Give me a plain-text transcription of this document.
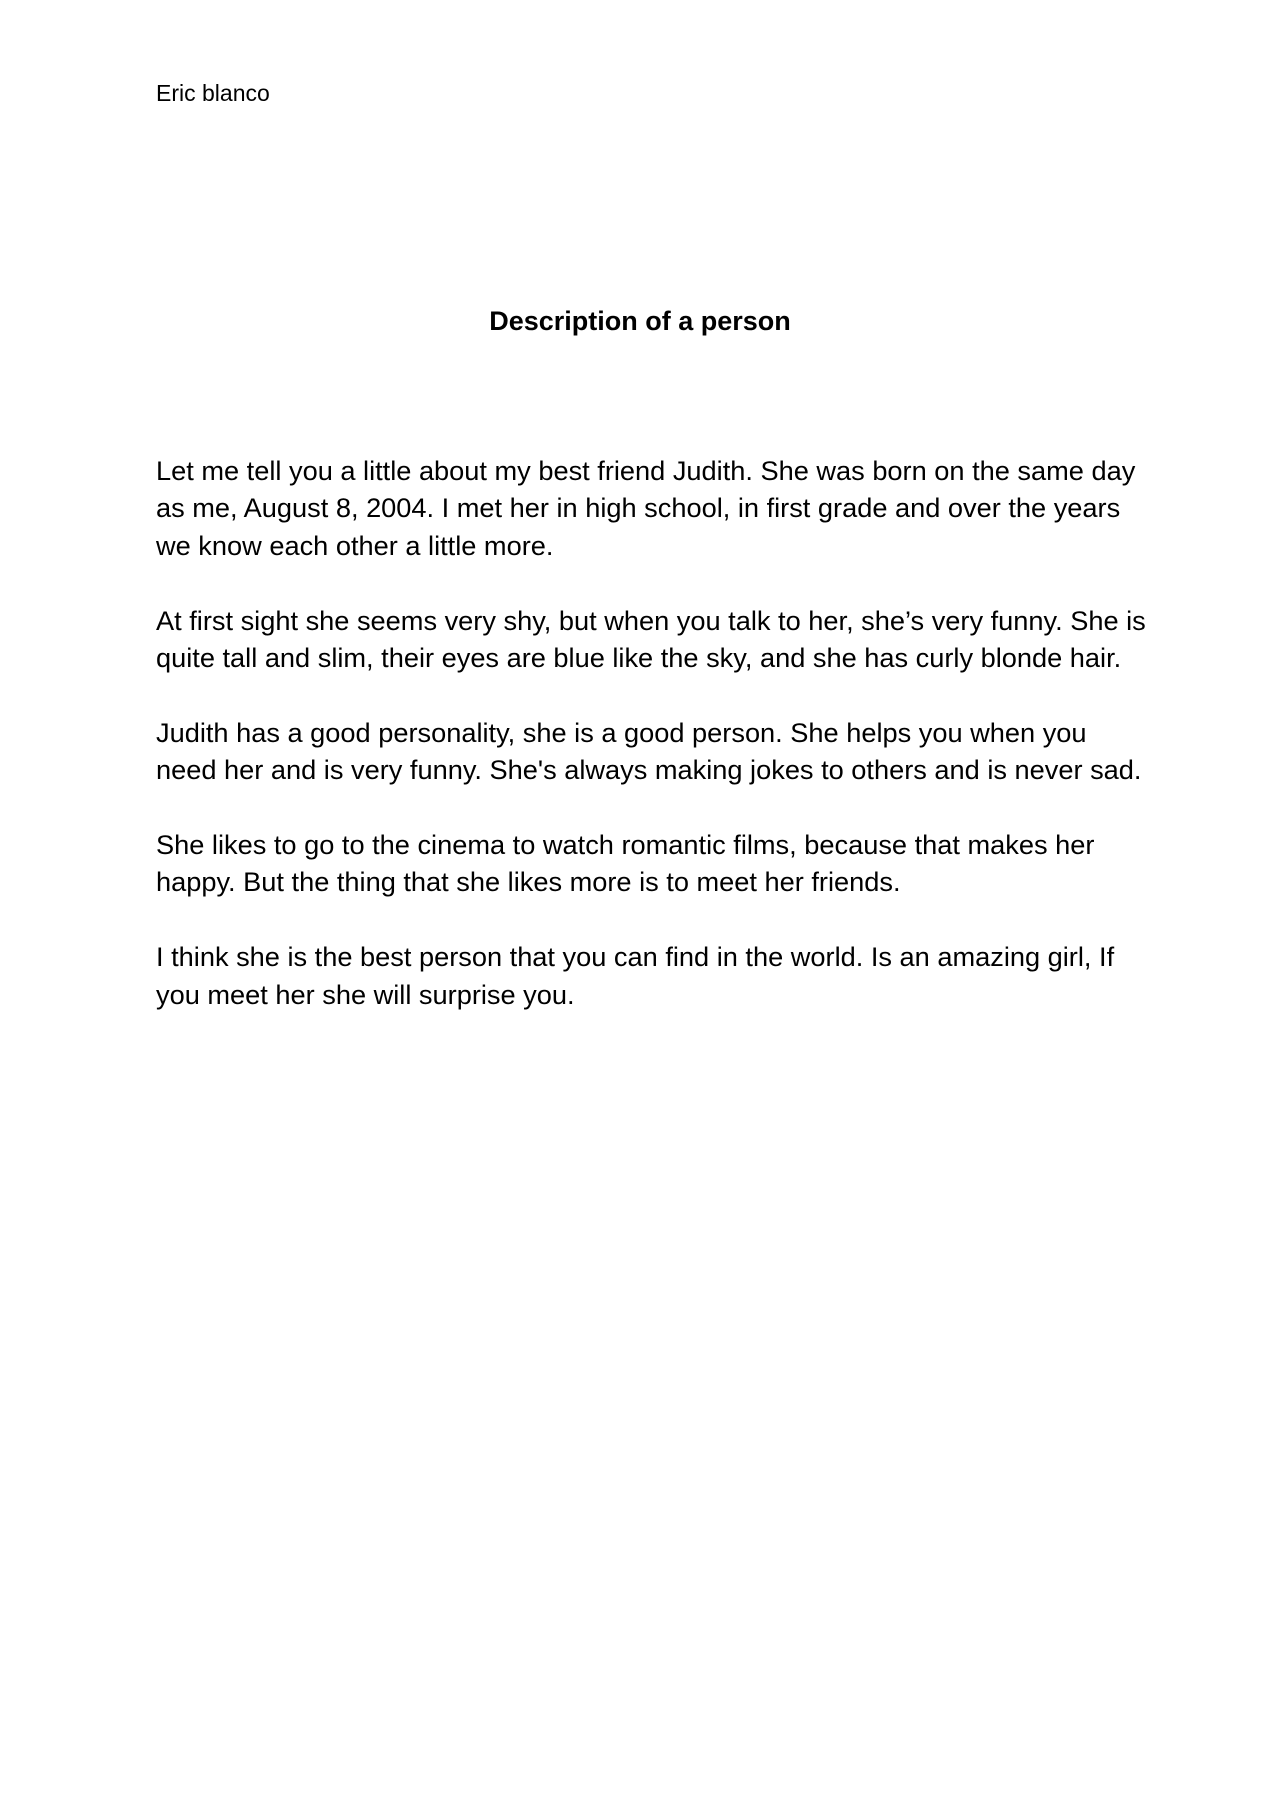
Eric blanco

Description of a person

Let me tell you a little about my best friend Judith. She was born on the same day as me, August 8, 2004. I met her in high school, in first grade and over the years we know each other a little more.

At first sight she seems very shy, but when you talk to her, she’s very funny. She is quite tall and slim, their eyes are blue like the sky, and she has curly blonde hair.

Judith has a good personality, she is a good person. She helps you when you need her and is very funny. She's always making jokes to others and is never sad.

She likes to go to the cinema to watch romantic films, because that makes her happy. But the thing that she likes more is to meet her friends.

I think she is the best person that you can find in the world. Is an amazing girl, If you meet her she will surprise you.
